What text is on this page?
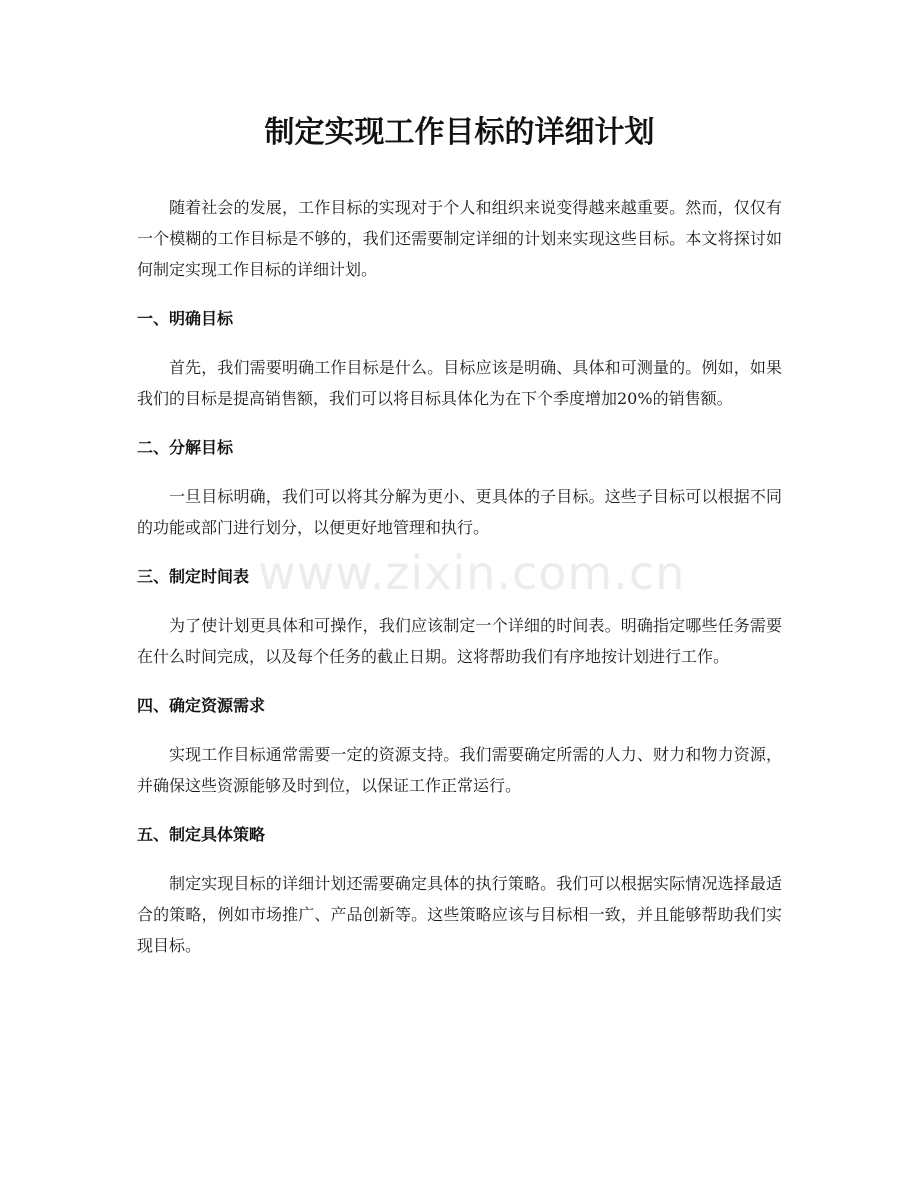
制定实现工作目标的详细计划

随着社会的发展，工作目标的实现对于个人和组织来说变得越来越重要。然而，仅仅有一个模糊的工作目标是不够的，我们还需要制定详细的计划来实现这些目标。本文将探讨如何制定实现工作目标的详细计划。

一、明确目标

首先，我们需要明确工作目标是什么。目标应该是明确、具体和可测量的。例如，如果我们的目标是提高销售额，我们可以将目标具体化为在下个季度增加20%的销售额。

二、分解目标

一旦目标明确，我们可以将其分解为更小、更具体的子目标。这些子目标可以根据不同的功能或部门进行划分，以便更好地管理和执行。

三、制定时间表

为了使计划更具体和可操作，我们应该制定一个详细的时间表。明确指定哪些任务需要在什么时间完成，以及每个任务的截止日期。这将帮助我们有序地按计划进行工作。

四、确定资源需求

实现工作目标通常需要一定的资源支持。我们需要确定所需的人力、财力和物力资源，并确保这些资源能够及时到位，以保证工作正常运行。

五、制定具体策略

制定实现目标的详细计划还需要确定具体的执行策略。我们可以根据实际情况选择最适合的策略，例如市场推广、产品创新等。这些策略应该与目标相一致，并且能够帮助我们实现目标。

www.zixin.com.cn
